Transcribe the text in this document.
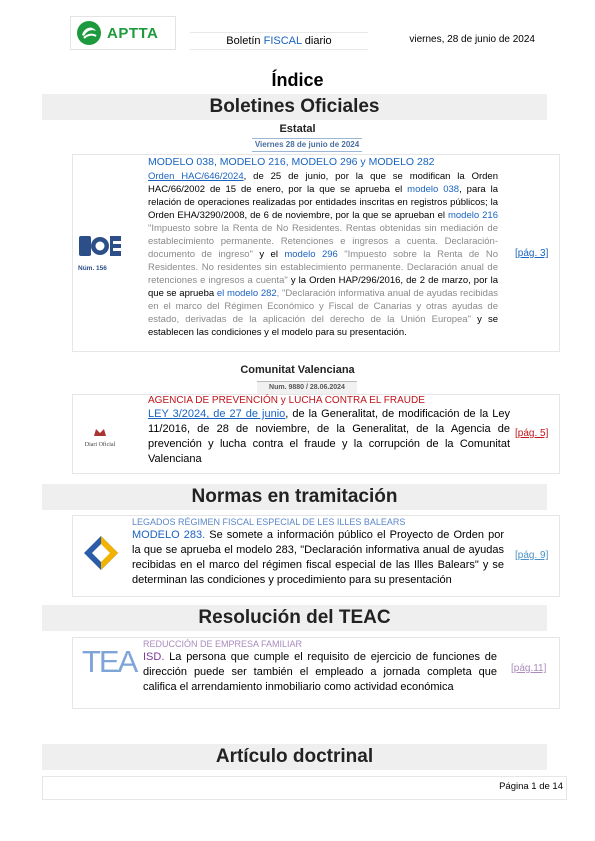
APTTA	Boletín FISCAL diario	viernes, 28 de junio de 2024
Índice
Boletines Oficiales
Estatal
Viernes 28 de junio de 2024
Núm. 156
MODELO 038, MODELO 216, MODELO 296 y MODELO 282
Orden HAC/646/2024, de 25 de junio, por la que se modifican la Orden HAC/66/2002 de 15 de enero, por la que se aprueba el modelo 038, para la relación de operaciones realizadas por entidades inscritas en registros públicos; la Orden EHA/3290/2008, de 6 de noviembre, por la que se aprueban el modelo 216 "Impuesto sobre la Renta de No Residentes. Rentas obtenidas sin mediación de establecimiento permanente. Retenciones e ingresos a cuenta. Declaración-documento de ingreso" y el modelo 296 "Impuesto sobre la Renta de No Residentes. No residentes sin establecimiento permanente. Declaración anual de retenciones e ingresos a cuenta" y la Orden HAP/296/2016, de 2 de marzo, por la que se aprueba el modelo 282, "Declaración informativa anual de ayudas recibidas en el marco del Régimen Económico y Fiscal de Canarias y otras ayudas de estado, derivadas de la aplicación del derecho de la Unión Europea" y se establecen las condiciones y el modelo para su presentación.
[pág. 3]
Comunitat Valenciana
Num. 9880 / 28.06.2024
Diari Oficial
AGENCIA DE PREVENCIÓN y LUCHA CONTRA EL FRAUDE
LEY 3/2024, de 27 de junio, de la Generalitat, de modificación de la Ley 11/2016, de 28 de noviembre, de la Generalitat, de la Agencia de prevención y lucha contra el fraude y la corrupción de la Comunitat Valenciana
[pág. 5]
Normas en tramitación
LEGADOS RÉGIMEN FISCAL ESPECIAL DE LES ILLES BALEARS
MODELO 283. Se somete a información público el Proyecto de Orden por la que se aprueba el modelo 283, "Declaración informativa anual de ayudas recibidas en el marco del régimen fiscal especial de las Illes Balears" y se determinan las condiciones y procedimiento para su presentación
[pág. 9]
Resolución del TEAC
TEA REDUCCIÓN DE EMPRESA FAMILIAR
ISD. La persona que cumple el requisito de ejercicio de funciones de dirección puede ser también el empleado a jornada completa que califica el arrendamiento inmobiliario como actividad económica
[pág.11]
Artículo doctrinal
Página 1 de 14
